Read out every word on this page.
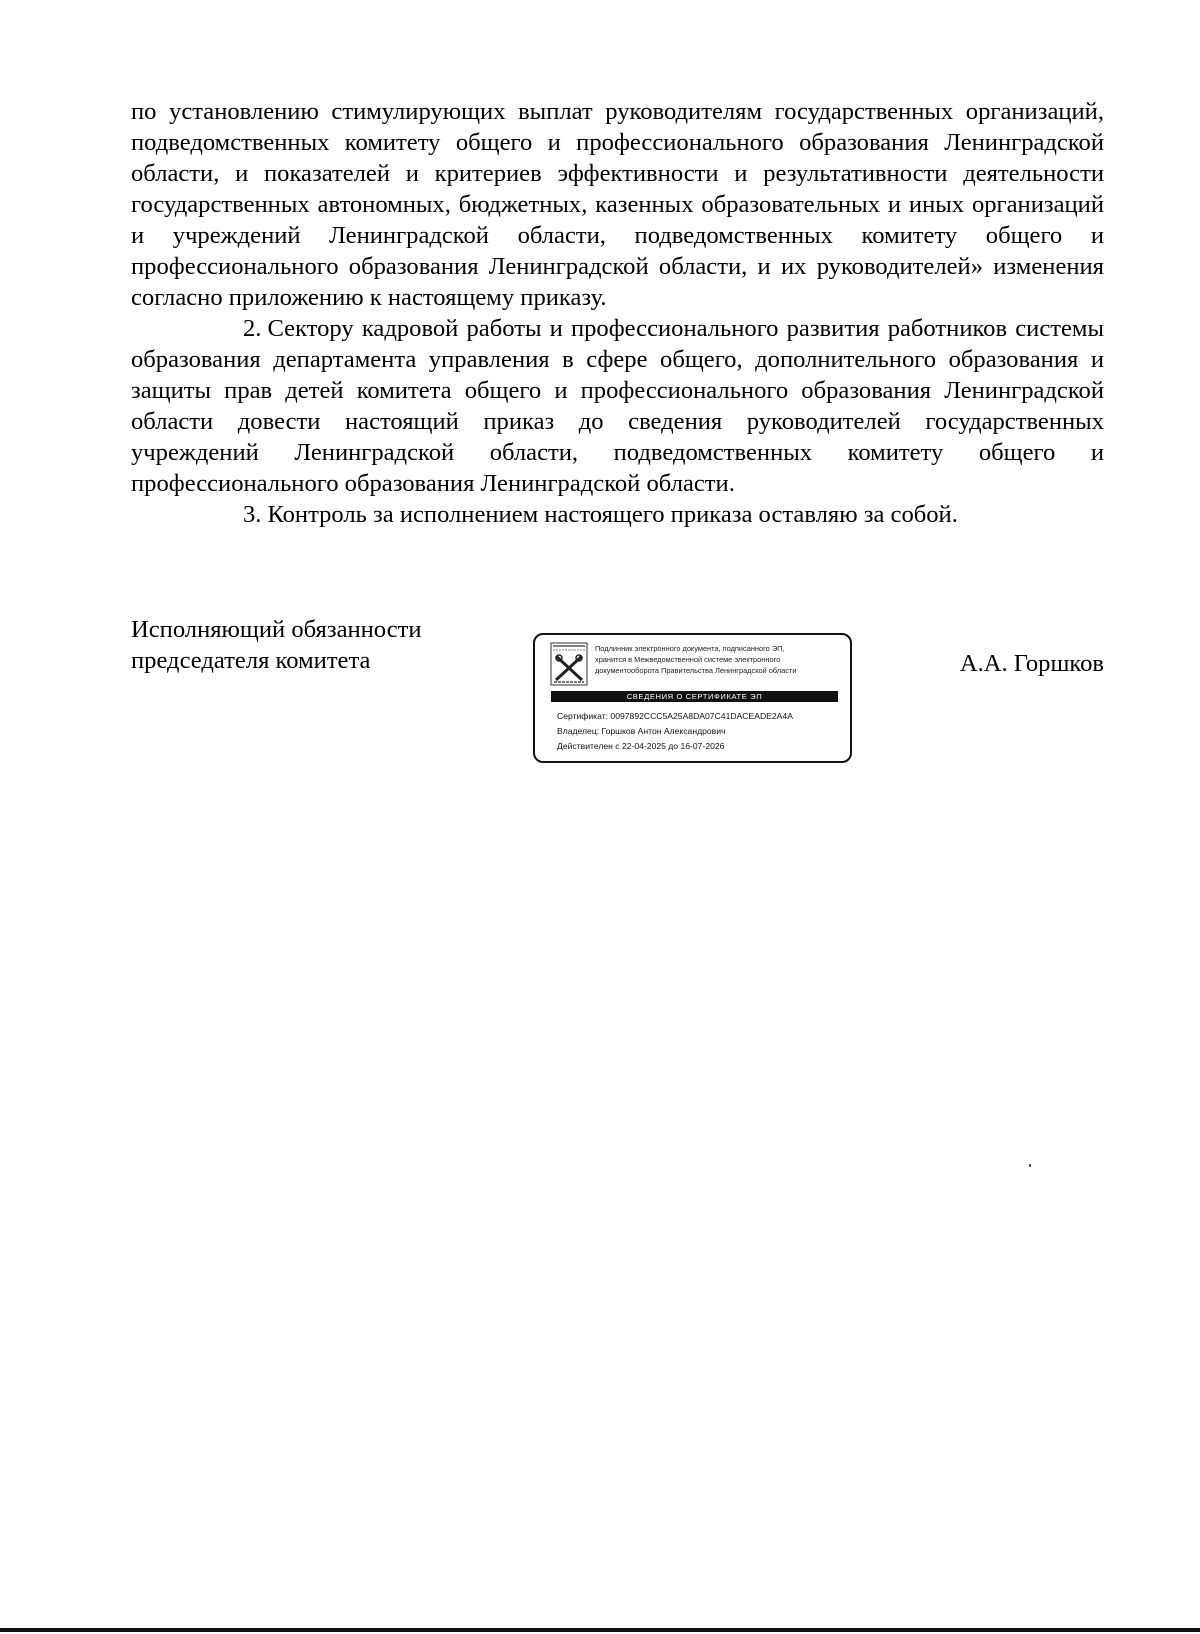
по установлению стимулирующих выплат руководителям государственных организаций, подведомственных комитету общего и профессионального образования Ленинградской области, и показателей и критериев эффективности и результативности деятельности государственных автономных, бюджетных, казенных образовательных и иных организаций и учреждений Ленинградской области, подведомственных комитету общего и профессионального образования Ленинградской области, и их руководителей» изменения согласно приложению к настоящему приказу.

2. Сектору кадровой работы и профессионального развития работников системы образования департамента управления в сфере общего, дополнительного образования и защиты прав детей комитета общего и профессионального образования Ленинградской области довести настоящий приказ до сведения руководителей государственных учреждений Ленинградской области, подведомственных комитету общего и профессионального образования Ленинградской области.

3. Контроль за исполнением настоящего приказа оставляю за собой.

Исполняющий обязанности
председателя комитета	Подлинник электронного документа, подписанного ЭП,
хранится в Межведомственной системе электронного
документооборота Правительства Ленинградской области
СВЕДЕНИЯ О СЕРТИФИКАТЕ ЭП
Сертификат: 0097892CCC5A25A8DA07C41DACEADE2A4A
Владелец: Горшков Антон Александрович
Действителен с 22-04-2025 до 16-07-2026
А.А. Горшков
